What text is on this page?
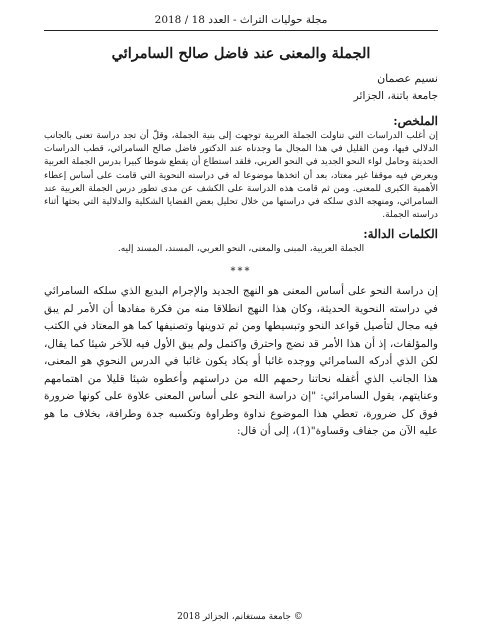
مجلة حوليات التراث - العدد 18 / 2018
الجملة والمعنى عند فاضل صالح السامرائي
نسيم عصمان
جامعة باتنة، الجزائر
الملخص:

إن أغلب الدراسات التي تناولت الجملة العربية توجهت إلى بنية الجملة، وقلّ أن تجد دراسة تعنى بالجانب الدلالي فيها، ومن القليل في هذا المجال ما وجدناه عند الدكتور فاضل صالح السامرائي، قطب الدراسات الحديثة وحامل لواء النحو الجديد في النحو العربي، فلقد استطاع أن يقطع شوطا كبيرا بدرس الجملة العربية ويعرض فيه موقفا غير معتاد، بعد أن اتخذها موضوعا له في دراسته النحوية التي قامت على أساس إعطاء الأهمية الكبرى للمعنى. ومن ثم قامت هذه الدراسة على الكشف عن مدى تطور درس الجملة العربية عند السامرائي، ومنهجه الذي سلكه في دراستها من خلال تحليل بعض القضايا الشكلية والدلالية التي بحثها أثناء دراسته الجملة.

الكلمات الدالة:

الجملة العربية، المبنى والمعنى، النحو العربي، المسند، المسند إليه.

***

إن دراسة النحو على أساس المعنى هو النهج الجديد والإجرام البديع الذي سلكه السامرائي في دراسته النحوية الحديثة، وكان هذا النهج انطلاقا منه من فكرة مفادها أن الأمر لم يبق فيه مجال لتأصيل قواعد النحو وتبسيطها ومن ثم تدوينها وتصنيفها كما هو المعتاد في الكتب والمؤلفات، إذ أن هذا الأمر قد نضج واحترق واكتمل ولم يبق الأول فيه للآخر شيئا كما يقال، لكن الذي أدركه السامرائي ووجده غائبا أو يكاد يكون غائبا في الدرس النحوي هو المعنى، هذا الجانب الذي أغفله نحاتنا رحمهم الله من دراستهم وأعطوه شيئا قليلا من اهتمامهم وعنايتهم، يقول السامرائي: "إن دراسة النحو على أساس المعنى علاوة على كونها ضرورة فوق كل ضرورة، تعطي هذا الموضوع نداوة وطراوة وتكسبه جدة وطرافة، بخلاف ما هو عليه الآن من جفاف وقساوة"(1)، إلى أن قال:

© جامعة مستغانم، الجزائر 2018
